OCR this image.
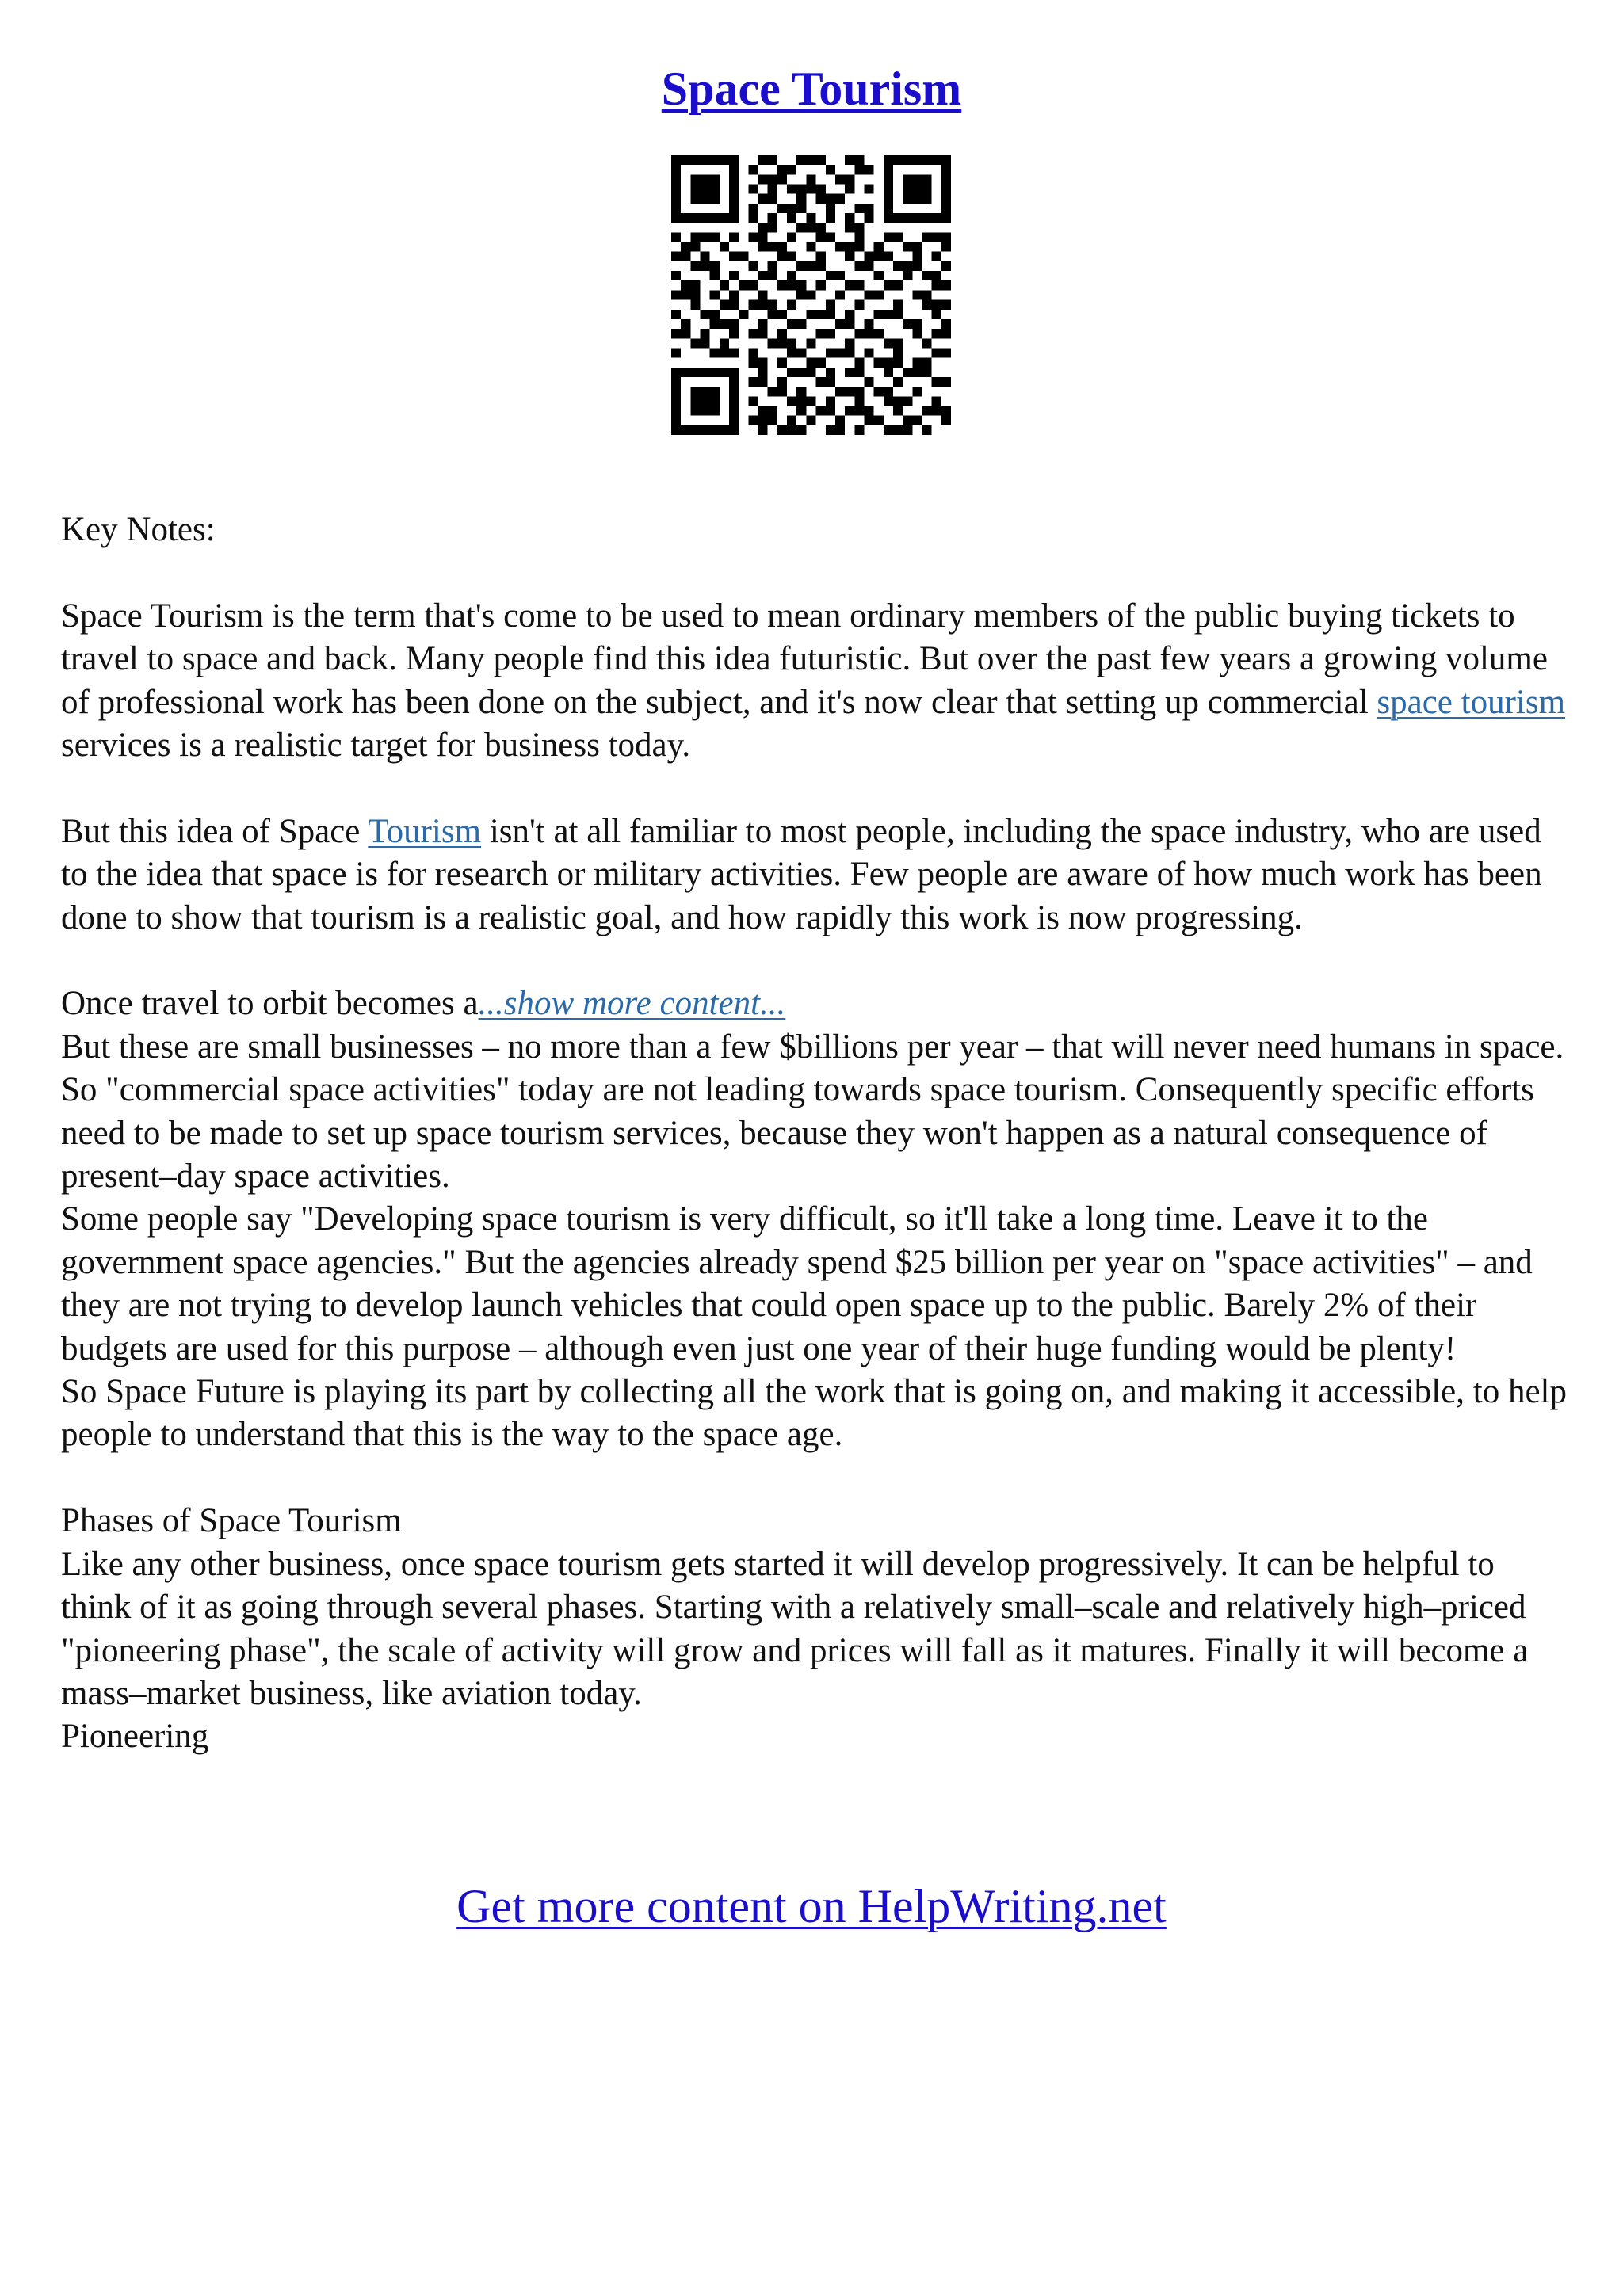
Space Tourism

Key Notes:

Space Tourism is the term that's come to be used to mean ordinary members of the public buying tickets to travel to space and back. Many people find this idea futuristic. But over the past few years a growing volume of professional work has been done on the subject, and it's now clear that setting up commercial space tourism services is a realistic target for business today.

But this idea of Space Tourism isn't at all familiar to most people, including the space industry, who are used to the idea that space is for research or military activities. Few people are aware of how much work has been done to show that tourism is a realistic goal, and how rapidly this work is now progressing.

Once travel to orbit becomes a...show more content...

But these are small businesses – no more than a few $billions per year – that will never need humans in space. So "commercial space activities" today are not leading towards space tourism. Consequently specific efforts need to be made to set up space tourism services, because they won't happen as a natural consequence of present–day space activities.

Some people say "Developing space tourism is very difficult, so it'll take a long time. Leave it to the government space agencies." But the agencies already spend $25 billion per year on "space activities" – and they are not trying to develop launch vehicles that could open space up to the public. Barely 2% of their budgets are used for this purpose – although even just one year of their huge funding would be plenty!

So Space Future is playing its part by collecting all the work that is going on, and making it accessible, to help people to understand that this is the way to the space age.

Phases of Space Tourism

Like any other business, once space tourism gets started it will develop progressively. It can be helpful to think of it as going through several phases. Starting with a relatively small–scale and relatively high–priced "pioneering phase", the scale of activity will grow and prices will fall as it matures. Finally it will become a mass–market business, like aviation today.

Pioneering

Get more content on HelpWriting.net
